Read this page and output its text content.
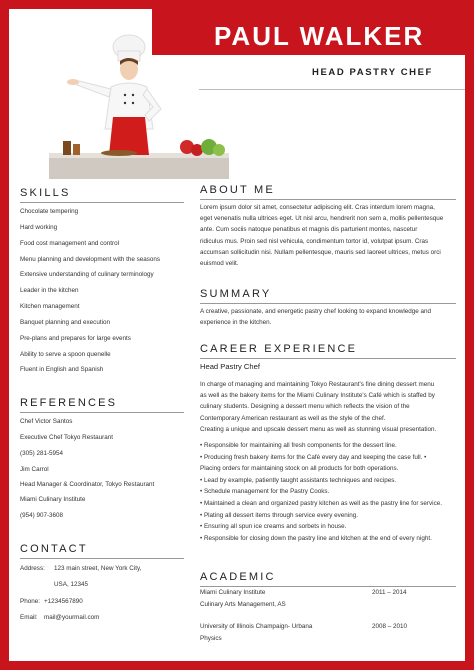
PAUL WALKER
HEAD PASTRY CHEF
SKILLS
Chocolate tempering
Hard working
Food cost management and control
Menu planning and development with the seasons
Extensive understanding of culinary terminology
Leader in the kitchen
Kitchen management
Banquet planning and execution
Pre-plans and prepares for large events
Ability to serve a spoon quenelle
Fluent in English and Spanish
REFERENCES
Chef Victor Santos
Executive Chef Tokyo Restaurant
(305) 281-5954
Jim Carrol
Head Manager & Coordinator, Tokyo Restaurant
Miami Culinary Institute
(954) 907-3608
CONTACT
Address: 123 main street, New York City,
USA, 12345
Phone: +1234567890
Email: mail@yourmail.com
ABOUT ME
Lorem ipsum dolor sit amet, consectetur adipiscing elit. Cras interdum lorem magna,
eget venenatis nulla ultrices eget. Ut nisl arcu, hendrerit non sem a, mollis pellentesque
ante. Cum sociis natoque penatibus et magnis dis parturient montes, nascetur
ridiculus mus. Proin sed nisl vehicula, condimentum tortor id, volutpat ipsum. Cras
accumsan sollicitudin nisi. Nullam pellentesque, mauris sed laoreet ultrices, metus orci
euismod velit.
SUMMARY
A creative, passionate, and energetic pastry chef looking to expand knowledge and
experience in the kitchen.
CAREER EXPERIENCE
Head Pastry Chef
In charge of managing and maintaining Tokyo Restaurant's fine dining dessert menu
as well as the bakery items for the Miami Culinary Institute's Café which is staffed by
culinary students. Designing a dessert menu which reflects the vision of the
Contemporary American restaurant as well as the style of the chef.
Creating a unique and upscale dessert menu as well as stunning visual presentation.
• Responsible for maintaining all fresh components for the dessert line.
• Producing fresh bakery items for the Café every day and keeping the case full. •
Placing orders for maintaining stock on all products for both operations.
• Lead by example, patiently taught assistants techniques and recipes.
• Schedule management for the Pastry Cooks.
• Maintained a clean and organized pastry kitchen as well as the pastry line for service.
• Plating all dessert items through service every evening.
• Ensuring all spun ice creams and sorbets in house.
• Responsible for closing down the pastry line and kitchen at the end of every night.
ACADEMIC
Miami Culinary Institute
Culinary Arts Management, AS
2011 – 2014
University of Illinois Champaign- Urbana
Physics
2008 – 2010
